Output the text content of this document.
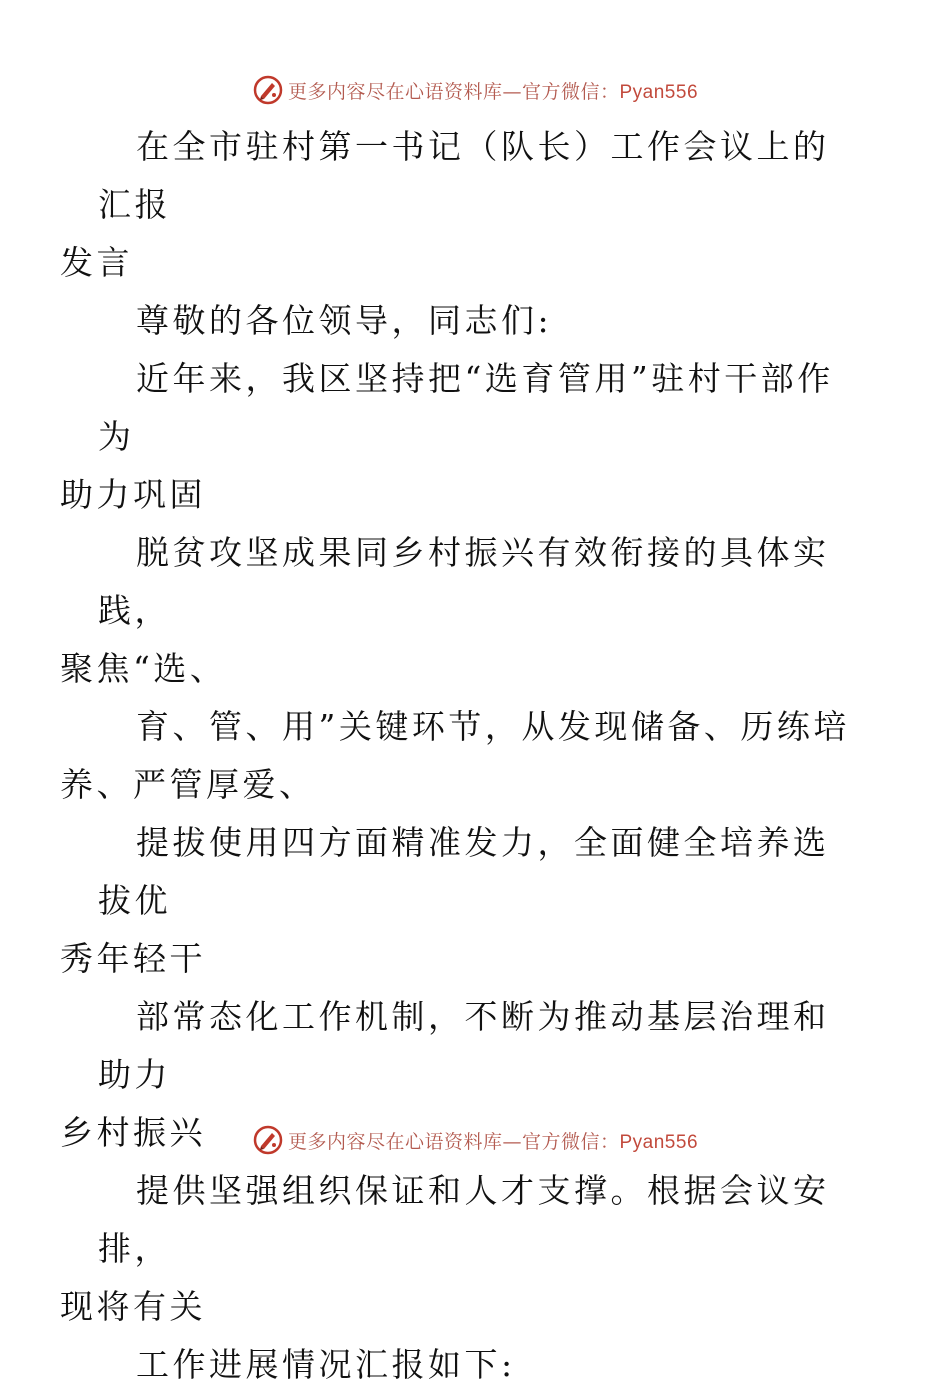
更多内容尽在心语资料库—官方微信：Pyan556

在全市驻村第一书记（队长）工作会议上的汇报
发言

尊敬的各位领导，同志们:

近年来，我区坚持把“选育管用”驻村干部作为
助力巩固

脱贫攻坚成果同乡村振兴有效衔接的具体实践，
聚焦“选、

育、管、用”关键环节，从发现储备、历练培
养、严管厚爱、

提拔使用四方面精准发力，全面健全培养选拔优
秀年轻干

部常态化工作机制，不断为推动基层治理和助力
乡村振兴

提供坚强组织保证和人才支撑。根据会议安排，
现将有关

工作进展情况汇报如下:

更多内容尽在心语资料库—官方微信：Pyan556
